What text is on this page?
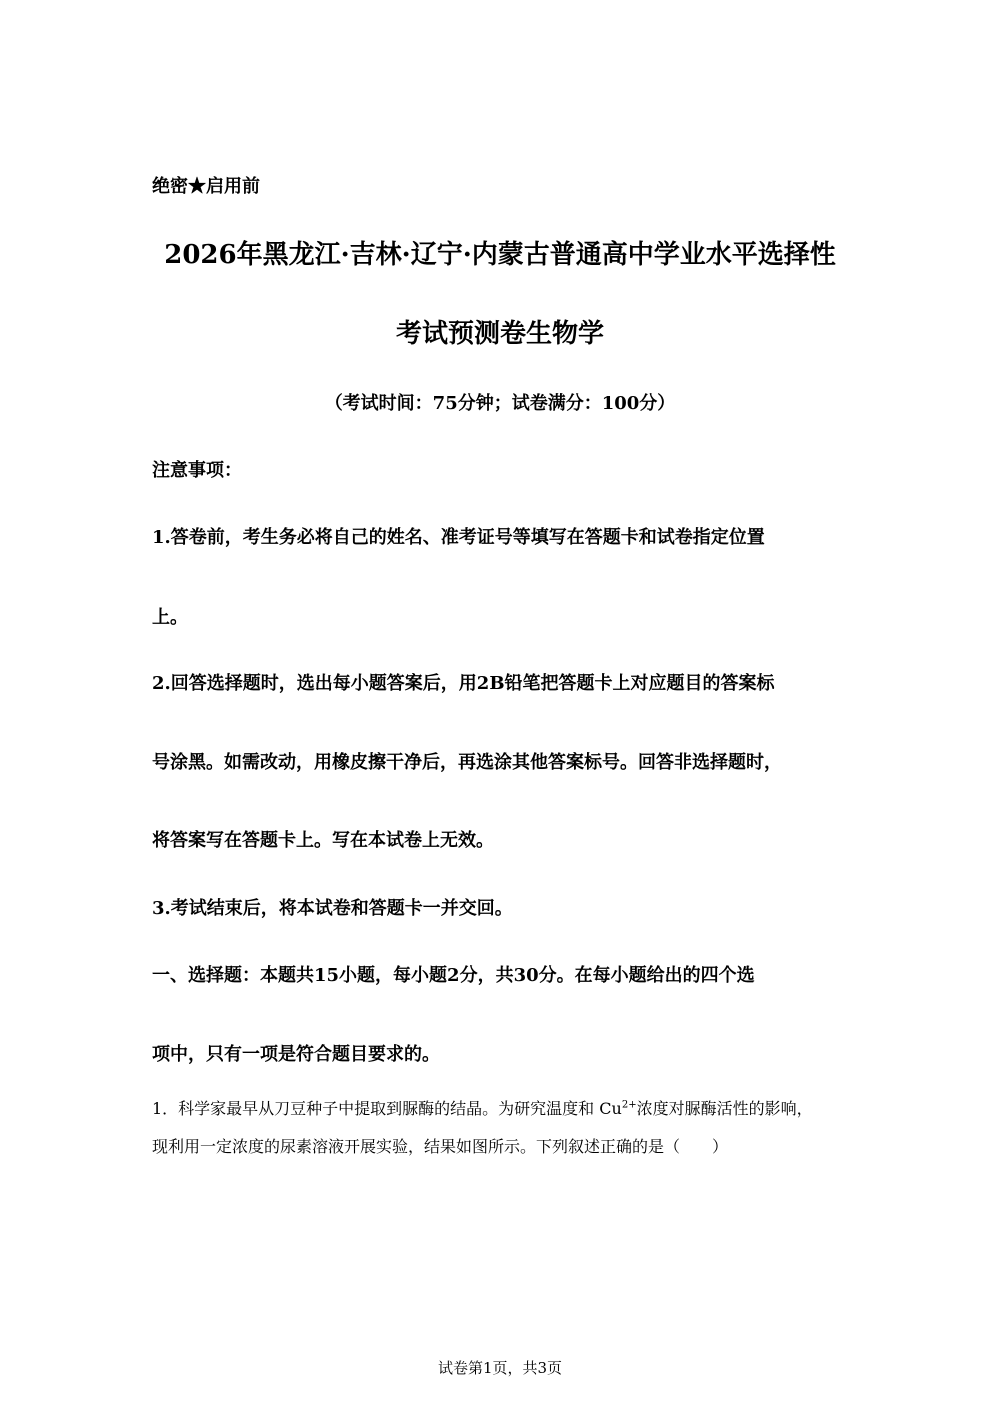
绝密★启用前

2026年黑龙江·吉林·辽宁·内蒙古普通高中学业水平选择性

考试预测卷生物学

（考试时间：75分钟；试卷满分：100分）

注意事项：

1.答卷前，考生务必将自己的姓名、准考证号等填写在答题卡和试卷指定位置

上。

2.回答选择题时，选出每小题答案后，用2B铅笔把答题卡上对应题目的答案标

号涂黑。如需改动，用橡皮擦干净后，再选涂其他答案标号。回答非选择题时，

将答案写在答题卡上。写在本试卷上无效。

3.考试结束后，将本试卷和答题卡一并交回。

一、选择题：本题共15小题，每小题2分，共30分。在每小题给出的四个选

项中，只有一项是符合题目要求的。

1．科学家最早从刀豆种子中提取到脲酶的结晶。为研究温度和 $Cu^{2+}$浓度对脲酶活性的影响，

现利用一定浓度的尿素溶液开展实验，结果如图所示。下列叙述正确的是（　　）

试卷第1页，共3页
